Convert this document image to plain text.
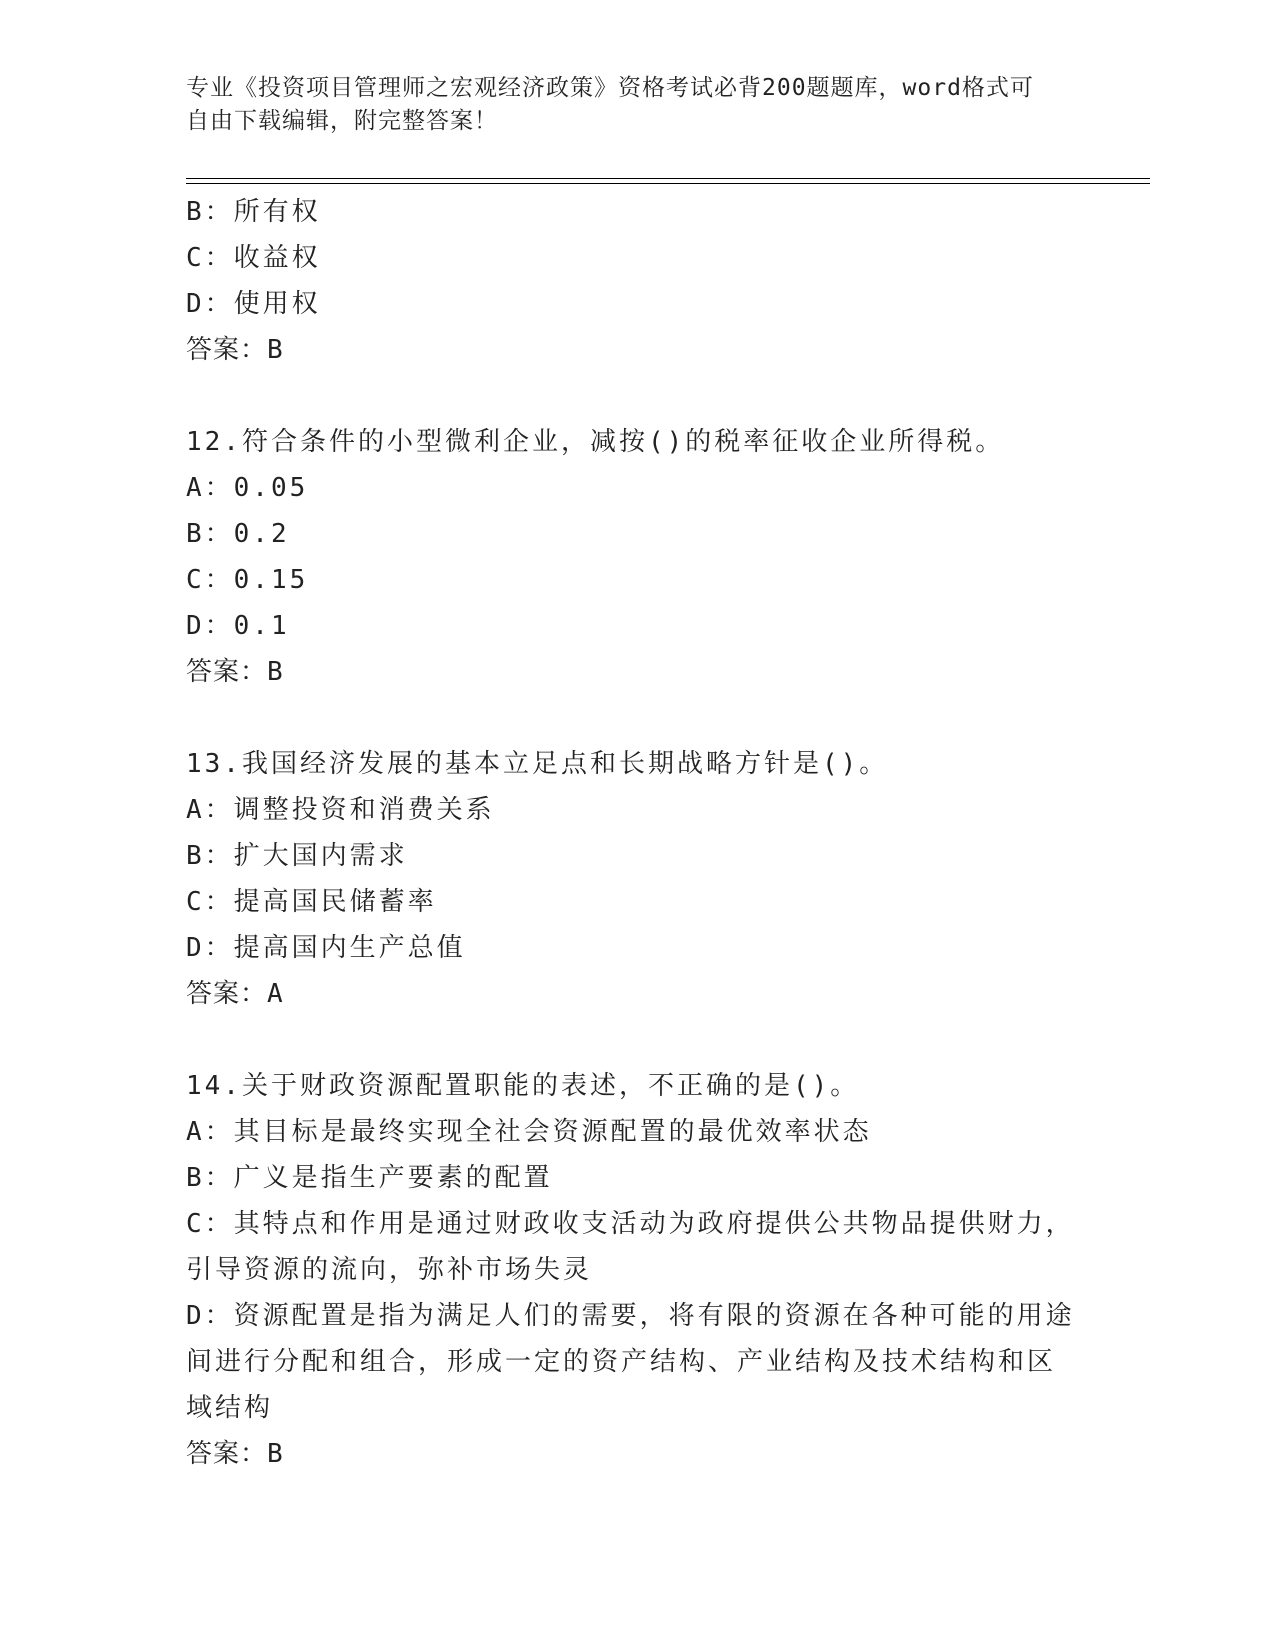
专业《投资项目管理师之宏观经济政策》资格考试必背200题题库，word格式可
自由下载编辑，附完整答案！
B：所有权
C：收益权
D：使用权
答案：B
12.符合条件的小型微利企业，减按()的税率征收企业所得税。
A：0.05
B：0.2
C：0.15
D：0.1
答案：B
13.我国经济发展的基本立足点和长期战略方针是()。
A：调整投资和消费关系
B：扩大国内需求
C：提高国民储蓄率
D：提高国内生产总值
答案：A
14.关于财政资源配置职能的表述，不正确的是()。
A：其目标是最终实现全社会资源配置的最优效率状态
B：广义是指生产要素的配置
C：其特点和作用是通过财政收支活动为政府提供公共物品提供财力，
引导资源的流向，弥补市场失灵
D：资源配置是指为满足人们的需要，将有限的资源在各种可能的用途
间进行分配和组合，形成一定的资产结构、产业结构及技术结构和区
域结构
答案：B
